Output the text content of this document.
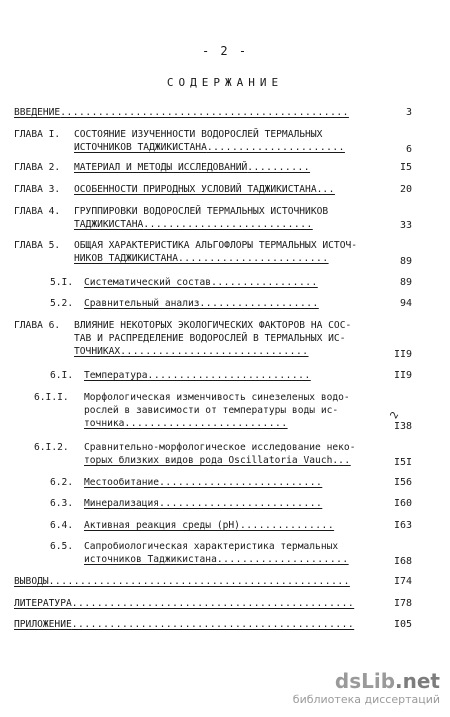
- 2 -
СОДЕРЖАНИЕ
ВВЕДЕНИЕ..............................................	3
ГЛАВА I. СОСТОЯНИЕ ИЗУЧЕННОСТИ ВОДОРОСЛЕЙ ТЕРМАЛЬНЫХ
ИСТОЧНИКОВ ТАДЖИКИСТАНА......................	6
ГЛАВА 2. МАТЕРИАЛ И МЕТОДЫ ИССЛЕДОВАНИЙ..........	I5
ГЛАВА 3. ОСОБЕННОСТИ ПРИРОДНЫХ УСЛОВИЙ ТАДЖИКИСТАНА...	20
ГЛАВА 4. ГРУППИРОВКИ ВОДОРОСЛЕЙ ТЕРМАЛЬНЫХ ИСТОЧНИКОВ
ТАДЖИКИСТАНА...........................	33
ГЛАВА 5. ОБЩАЯ ХАРАКТЕРИСТИКА АЛЬГОФЛОРЫ ТЕРМАЛЬНЫХ ИСТОЧ-
НИКОВ ТАДЖИКИСТАНА........................	89
5.I. Систематический состав.................	89
5.2. Сравнительный анализ...................	94
ГЛАВА 6. ВЛИЯНИЕ НЕКОТОРЫХ ЭКОЛОГИЧЕСКИХ ФАКТОРОВ НА СОС-
ТАВ И РАСПРЕДЕЛЕНИЕ ВОДОРОСЛЕЙ В ТЕРМАЛЬНЫХ ИС-
ТОЧНИКАХ..............................	II9
6.I. Температура..........................	II9
6.I.I. Морфологическая изменчивость синезеленых водо-
рослей в зависимости от температуры воды ис-
точника..........................	I38
2
6.I.2. Сравнительно-морфологическое исследование неко-
торых близких видов рода Oscillatoria Vauch...	I5I
6.2. Местообитание..........................	I56
6.3. Минерализация..........................	I60
6.4. Активная реакция среды (рН)...............	I63
6.5. Сапробиологическая характеристика термальных
источников Таджикистана.....................	I68
ВЫВОДЫ................................................	I74
ЛИТЕРАТУРА.............................................	I78
ПРИЛОЖЕНИЕ.............................................	I05
dsLib.net
библиотека диссертаций
